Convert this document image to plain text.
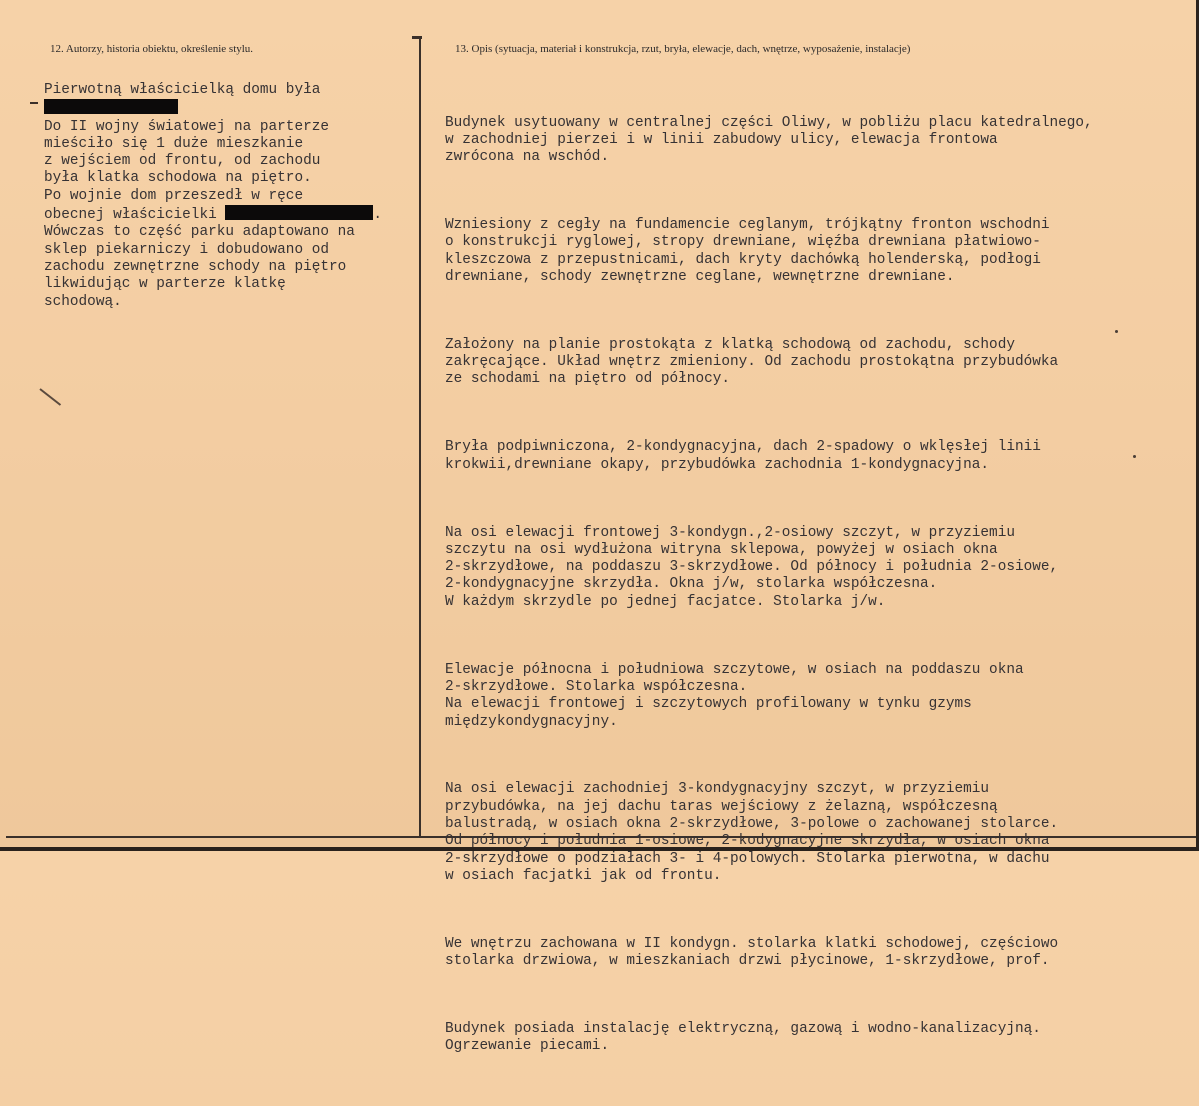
12. Autorzy, historia obiektu, określenie stylu.	13. Opis (sytuacja, materiał i konstrukcja, rzut, bryła, elewacje, dach, wnętrze, wyposażenie, instalacje)
Pierwotną właścicielką domu była

Do II wojny światowej na parterze
mieściło się 1 duże mieszkanie
z wejściem od frontu, od zachodu
była klatka schodowa na piętro.
Po wojnie dom przeszedł w ręce
obecnej właścicielki	.
Wówczas to część parku adaptowano na
sklep piekarniczy i dobudowano od
zachodu zewnętrzne schody na piętro
likwidując w parterze klatkę
schodową.

Budynek usytuowany w centralnej części Oliwy, w pobliżu placu katedralnego,
w zachodniej pierzei i w linii zabudowy ulicy, elewacja frontowa
zwrócona na wschód.

Wzniesiony z cegły na fundamencie ceglanym, trójkątny fronton wschodni
o konstrukcji ryglowej, stropy drewniane, więźba drewniana płatwiowo-
kleszczowa z przepustnicami, dach kryty dachówką holenderską, podłogi
drewniane, schody zewnętrzne ceglane, wewnętrzne drewniane.

Założony na planie prostokąta z klatką schodową od zachodu, schody
zakręcające. Układ wnętrz zmieniony. Od zachodu prostokątna przybudówka
ze schodami na piętro od północy.

Bryła podpiwniczona, 2-kondygnacyjna, dach 2-spadowy o wklęsłej linii
krokwii,drewniane okapy, przybudówka zachodnia 1-kondygnacyjna.

Na osi elewacji frontowej 3-kondygn.,2-osiowy szczyt, w przyziemiu
szczytu na osi wydłużona witryna sklepowa, powyżej w osiach okna
2-skrzydłowe, na poddaszu 3-skrzydłowe. Od północy i południa 2-osiowe,
2-kondygnacyjne skrzydła. Okna j/w, stolarka współczesna.
W każdym skrzydle po jednej facjatce. Stolarka j/w.

Elewacje północna i południowa szczytowe, w osiach na poddaszu okna
2-skrzydłowe. Stolarka współczesna.
Na elewacji frontowej i szczytowych profilowany w tynku gzyms
międzykondygnacyjny.

Na osi elewacji zachodniej 3-kondygnacyjny szczyt, w przyziemiu
przybudówka, na jej dachu taras wejściowy z żelazną, współczesną
balustradą, w osiach okna 2-skrzydłowe, 3-polowe o zachowanej stolarce.
Od północy i południa 1-osiowe, 2-kodygnacyjne skrzydła, w osiach okna
2-skrzydłowe o podziałach 3- i 4-polowych. Stolarka pierwotna, w dachu
w osiach facjatki jak od frontu.

We wnętrzu zachowana w II kondygn. stolarka klatki schodowej, częściowo
stolarka drzwiowa, w mieszkaniach drzwi płycinowe, 1-skrzydłowe, prof.

Budynek posiada instalację elektryczną, gazową i wodno-kanalizacyjną.
Ogrzewanie piecami.
